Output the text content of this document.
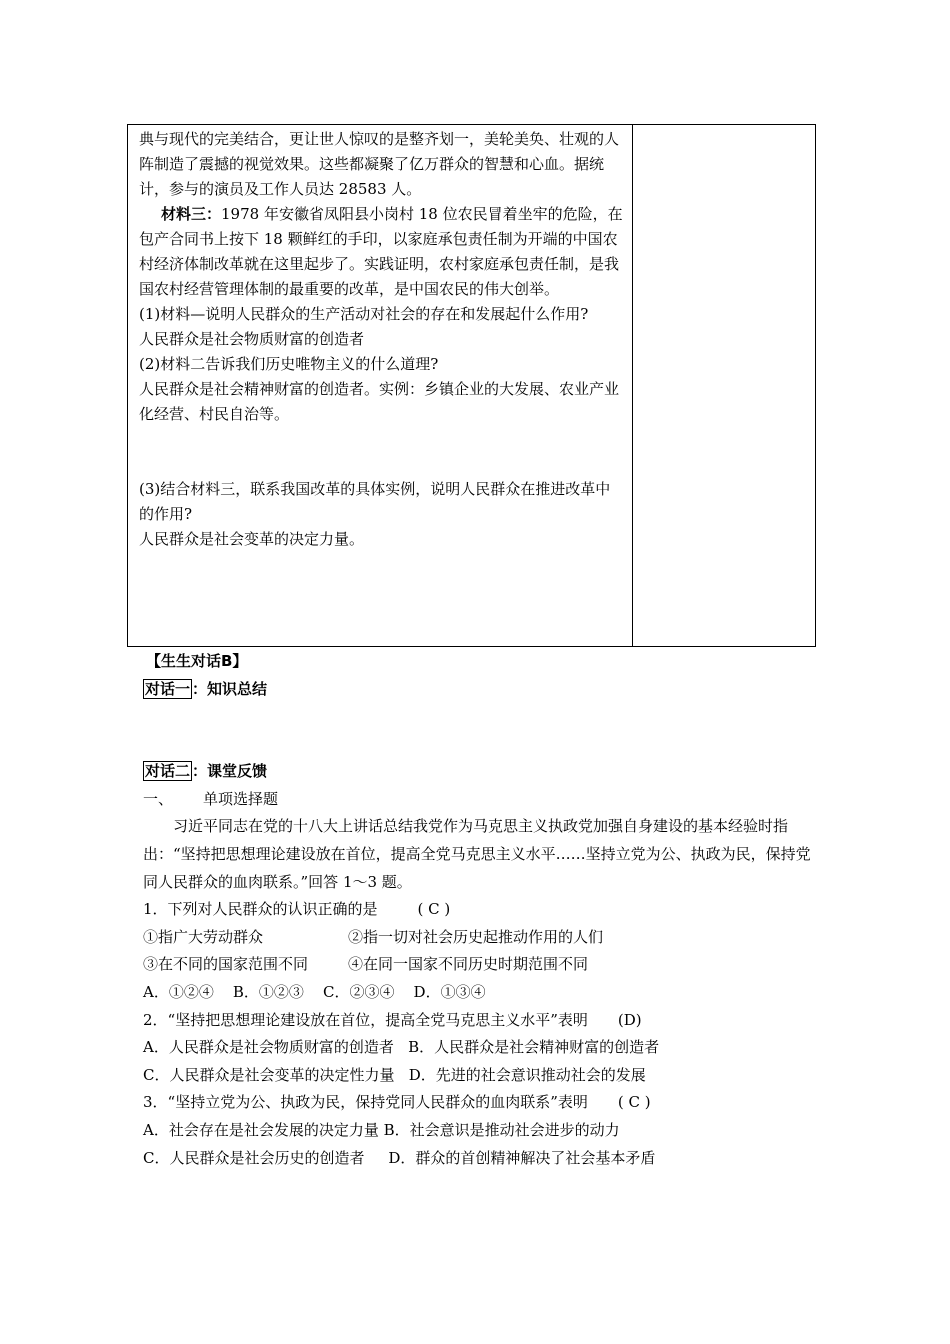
典与现代的完美结合，更让世人惊叹的是整齐划一，美轮美奂、壮观的人阵制造了震撼的视觉效果。这些都凝聚了亿万群众的智慧和心血。据统计，参与的演员及工作人员达 28583 人。

材料三：1978 年安徽省凤阳县小岗村 18 位农民冒着坐牢的危险，在包产合同书上按下 18 颗鲜红的手印，以家庭承包责任制为开端的中国农村经济体制改革就在这里起步了。实践证明，农村家庭承包责任制，是我国农村经营管理体制的最重要的改革，是中国农民的伟大创举。

(1)材料—说明人民群众的生产活动对社会的存在和发展起什么作用?

人民群众是社会物质财富的创造者

(2)材料二告诉我们历史唯物主义的什么道理?

人民群众是社会精神财富的创造者。实例：乡镇企业的大发展、农业产业化经营、村民自治等。

(3)结合材料三，联系我国改革的具体实例，说明人民群众在推进改革中的作用?

人民群众是社会变革的决定力量。

【生生对话B】

对话一 ：知识总结

对话二 ：课堂反馈

一、 单项选择题

习近平同志在党的十八大上讲话总结我党作为马克思主义执政党加强自身建设的基本经验时指出：“坚持把思想理论建设放在首位，提高全党马克思主义水平……坚持立党为公、执政为民，保持党同人民群众的血肉联系。”回答 1～3 题。

1．下列对人民群众的认识正确的是	( C )

①指广大劳动群众	②指一切对社会历史起推动作用的人们

③在不同的国家范围不同	④在同一国家不同历史时期范围不同

A．①②④    B．①②③    C．②③④    D．①③④

2．“坚持把思想理论建设放在首位，提高全党马克思主义水平”表明 (D)

A．人民群众是社会物质财富的创造者   B．人民群众是社会精神财富的创造者

C．人民群众是社会变革的决定性力量   D．先进的社会意识推动社会的发展

3．“坚持立党为公、执政为民，保持党同人民群众的血肉联系”表明 ( C )

A．社会存在是社会发展的决定力量 B．社会意识是推动社会进步的动力

C．人民群众是社会历史的创造者     D．群众的首创精神解决了社会基本矛盾
